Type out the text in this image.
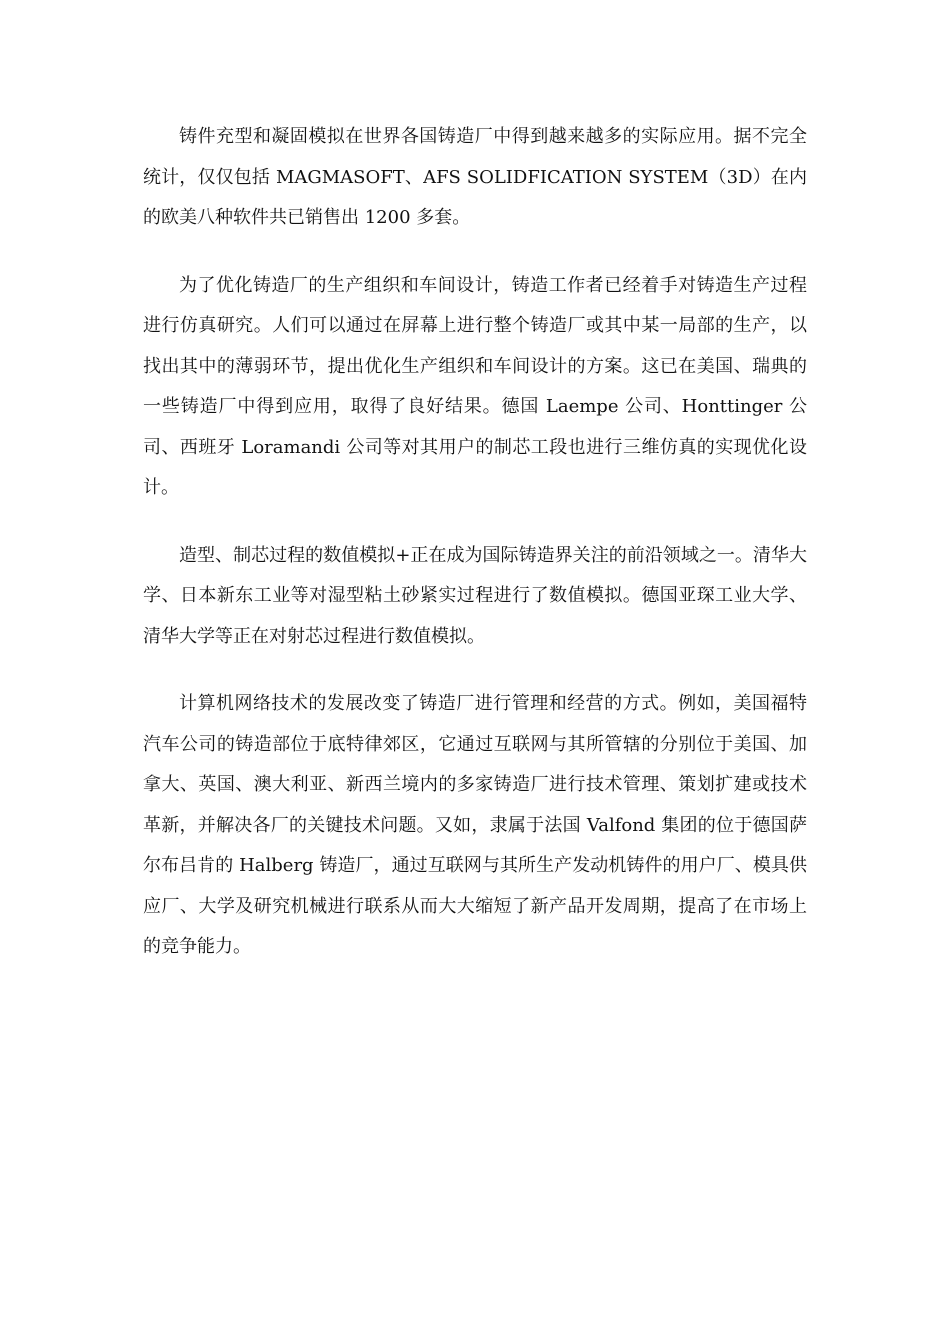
铸件充型和凝固模拟在世界各国铸造厂中得到越来越多的实际应用。据不完全统计，仅仅包括 MAGMASOFT、AFS SOLIDFICATION SYSTEM（3D）在内的欧美八种软件共已销售出 1200 多套。

为了优化铸造厂的生产组织和车间设计，铸造工作者已经着手对铸造生产过程进行仿真研究。人们可以通过在屏幕上进行整个铸造厂或其中某一局部的生产，以找出其中的薄弱环节，提出优化生产组织和车间设计的方案。这已在美国、瑞典的一些铸造厂中得到应用，取得了良好结果。德国 Laempe 公司、Honttinger 公司、西班牙 Loramandi 公司等对其用户的制芯工段也进行三维仿真的实现优化设计。

造型、制芯过程的数值模拟+正在成为国际铸造界关注的前沿领域之一。清华大学、日本新东工业等对湿型粘土砂紧实过程进行了数值模拟。德国亚琛工业大学、清华大学等正在对射芯过程进行数值模拟。

计算机网络技术的发展改变了铸造厂进行管理和经营的方式。例如，美国福特汽车公司的铸造部位于底特律郊区，它通过互联网与其所管辖的分别位于美国、加拿大、英国、澳大利亚、新西兰境内的多家铸造厂进行技术管理、策划扩建或技术革新，并解决各厂的关键技术问题。又如，隶属于法国 Valfond 集团的位于德国萨尔布吕肯的 Halberg 铸造厂，通过互联网与其所生产发动机铸件的用户厂、模具供应厂、大学及研究机械进行联系从而大大缩短了新产品开发周期，提高了在市场上的竞争能力。
